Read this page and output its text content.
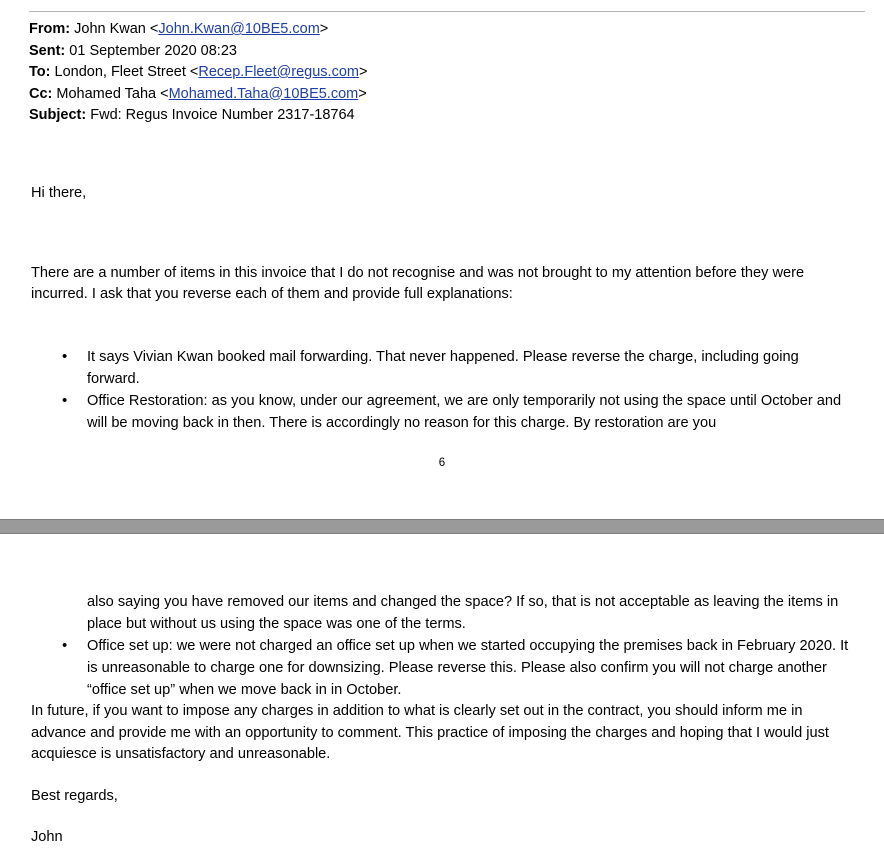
From: John Kwan <John.Kwan@10BE5.com>
Sent: 01 September 2020 08:23
To: London, Fleet Street <Recep.Fleet@regus.com>
Cc: Mohamed Taha <Mohamed.Taha@10BE5.com>
Subject: Fwd: Regus Invoice Number 2317-18764

Hi there,

There are a number of items in this invoice that I do not recognise and was not brought to my attention before they were incurred. I ask that you reverse each of them and provide full explanations:

• It says Vivian Kwan booked mail forwarding. That never happened. Please reverse the charge, including going forward.
• Office Restoration: as you know, under our agreement, we are only temporarily not using the space until October and will be moving back in then. There is accordingly no reason for this charge. By restoration are you
6

also saying you have removed our items and changed the space? If so, that is not acceptable as leaving the items in place but without us using the space was one of the terms.

• Office set up: we were not charged an office set up when we started occupying the premises back in February 2020. It is unreasonable to charge one for downsizing. Please reverse this. Please also confirm you will not charge another “office set up” when we move back in in October.

In future, if you want to impose any charges in addition to what is clearly set out in the contract, you should inform me in advance and provide me with an opportunity to comment. This practice of imposing the charges and hoping that I would just acquiesce is unsatisfactory and unreasonable.

Best regards,

John
